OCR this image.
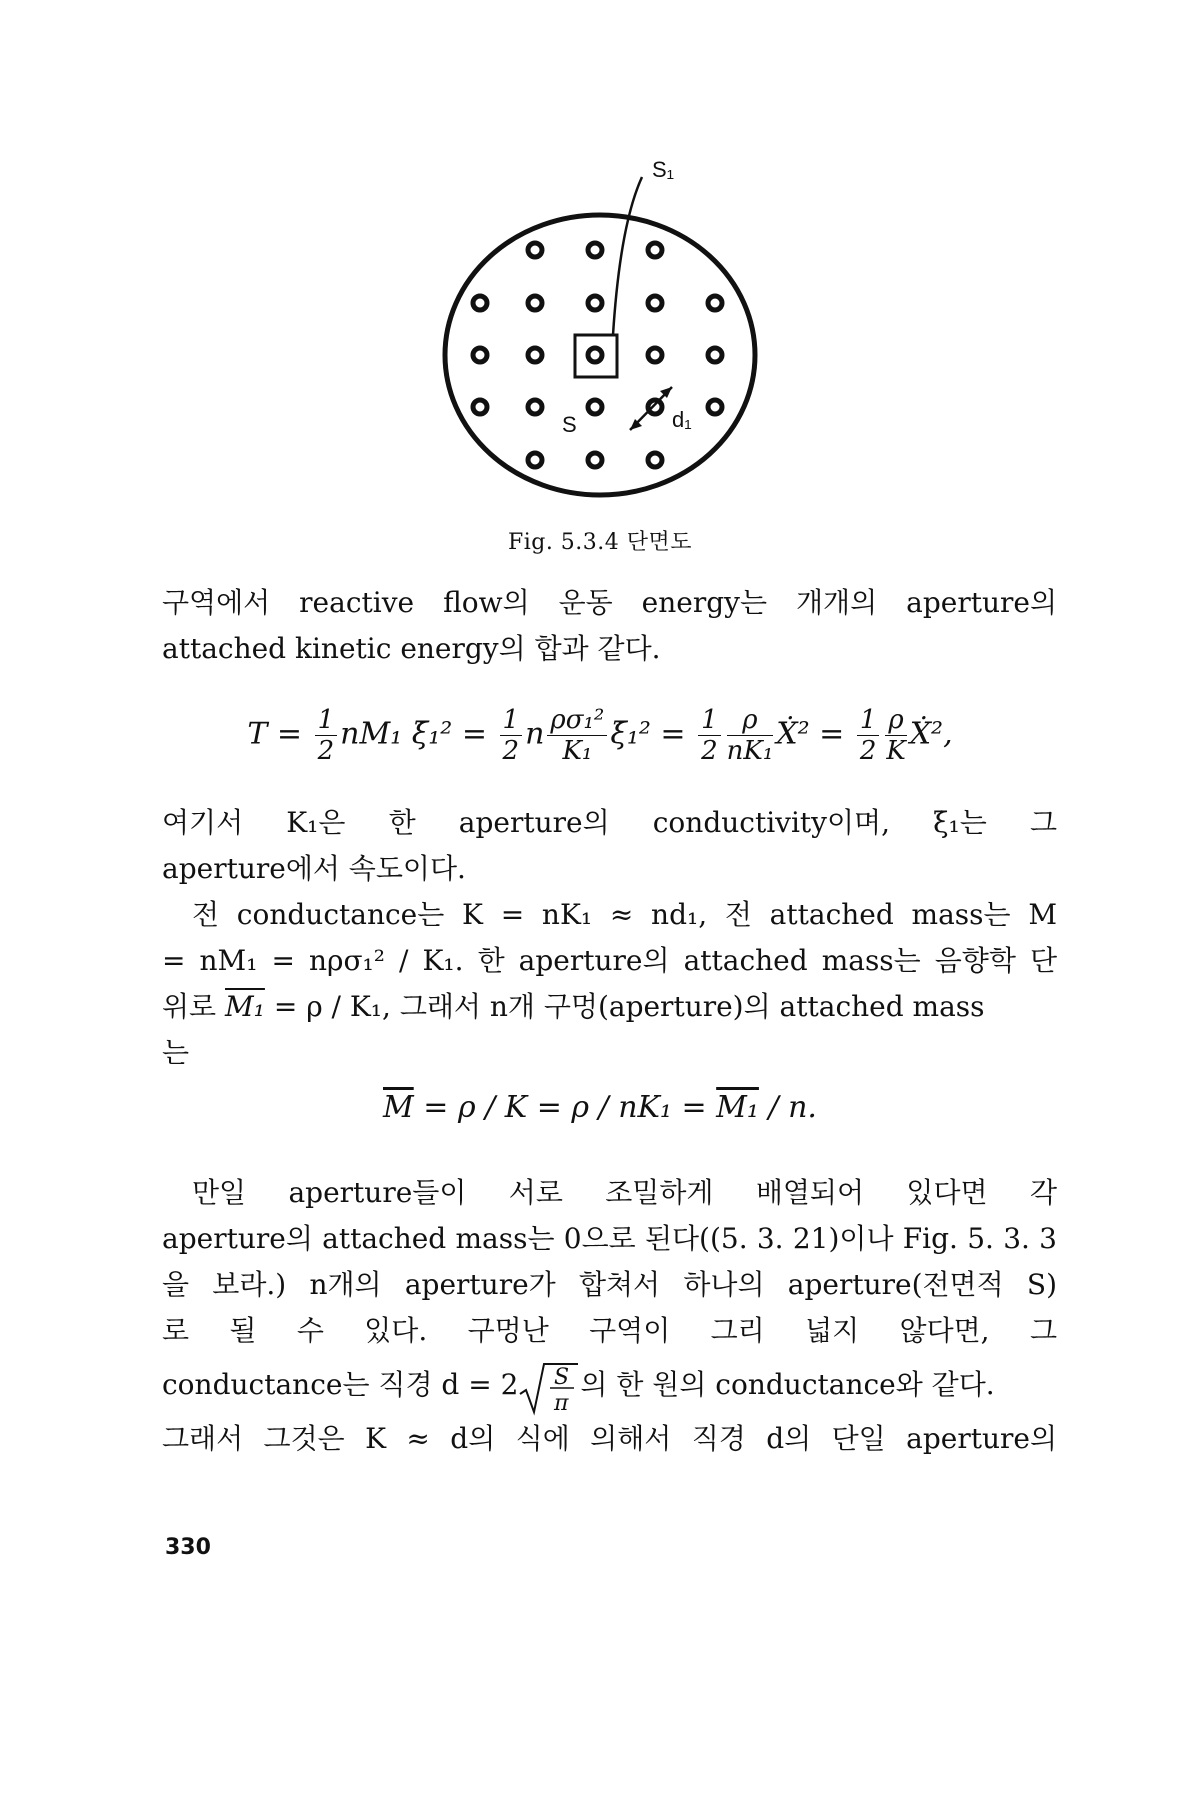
S₁
S	d₁
Fig. 5.3.4 단면도
구역에서 reactive flow의 운동 energy는 개개의 aperture의
attached kinetic energy의 합과 같다.
$T = \frac{1}{2} nM_1$ ξ̇₁² = $\frac{1}{2}$ n $\frac{\text{ρσ₁²}}{\text{K₁}}$ ξ̇₁² = $\frac{1}{2} \frac{\rho}{\text{nK₁}}$ Ẋ² = $\frac{1}{2} \frac{\rho}{K}$ Ẋ²,
여기서 K₁은 한 aperture의 conductivity이며, ξ̇₁는 그
aperture에서 속도이다.
전 conductance는 K = nK₁ ≈ nd₁, 전 attached mass는 M
= nM₁ = nρσ₁² / K₁. 한 aperture의 attached mass는 음향학 단
위로 M₁ = ρ / K₁, 그래서 n개 구멍(aperture)의 attached mass
는
$\overline{M} = \rho / K = \rho / nK_1 = M_1 / n$.
만일 aperture들이 서로 조밀하게 배열되어 있다면 각
aperture의 attached mass는 0으로 된다((5. 3. 21)이나 Fig. 5. 3. 3
을 보라.) n개의 aperture가 합쳐서 하나의 aperture(전면적 S)
로 될 수 있다. 구멍난 구역이 그리 넓지 않다면, 그
conductance는 직경 d = 2 S
π
의 한 원의 conductance와 같다.
그래서 그것은 K ≈ d의 식에 의해서 직경 d의 단일 aperture의
330
